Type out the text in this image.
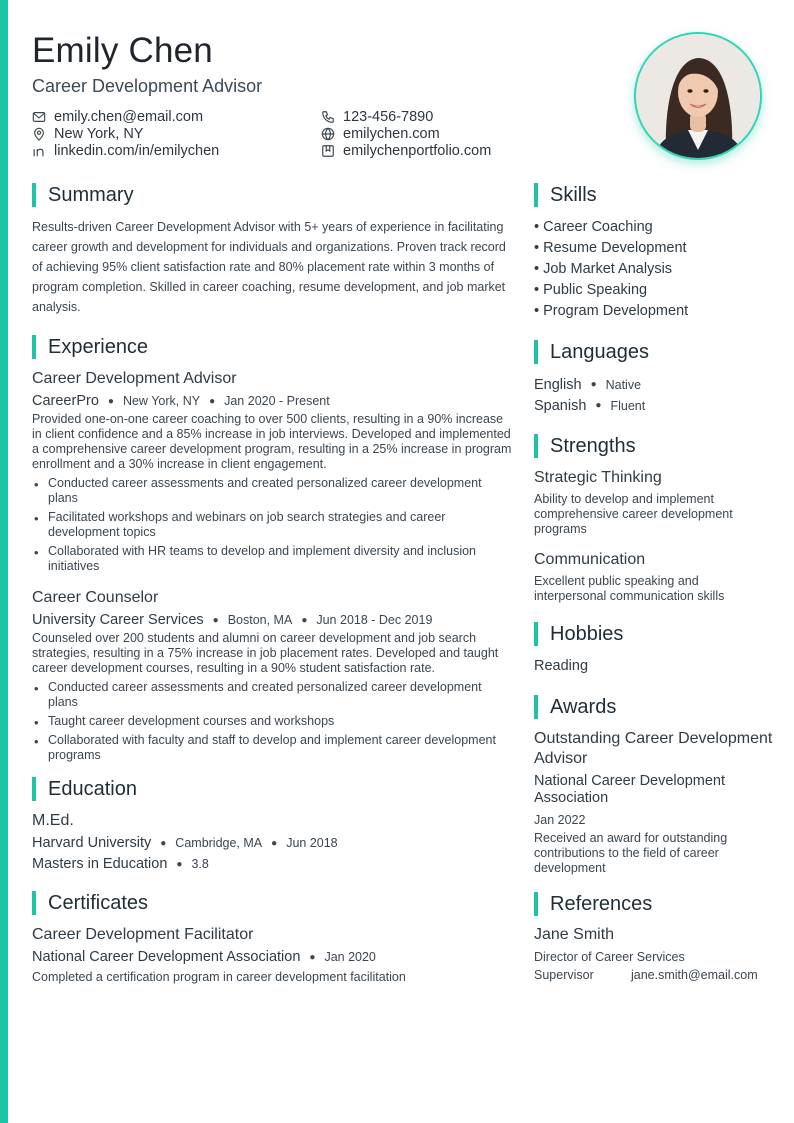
Emily Chen
Career Development Advisor
emily.chen@email.com	123-456-7890
New York, NY	emilychen.com
linkedin.com/in/emilychen	emilychenportfolio.com
Summary
Results-driven Career Development Advisor with 5+ years of experience in facilitating career growth and development for individuals and organizations. Proven track record of achieving 95% client satisfaction rate and 80% placement rate within 3 months of program completion. Skilled in career coaching, resume development, and job market analysis.
Experience
Career Development Advisor
CareerPro ● New York, NY ● Jan 2020 - Present
Provided one-on-one career coaching to over 500 clients, resulting in a 90% increase in client confidence and a 85% increase in job interviews. Developed and implemented a comprehensive career development program, resulting in a 25% increase in program enrollment and a 30% increase in client engagement.
• Conducted career assessments and created personalized career development plans
• Facilitated workshops and webinars on job search strategies and career development topics
• Collaborated with HR teams to develop and implement diversity and inclusion initiatives
Career Counselor
University Career Services ● Boston, MA ● Jun 2018 - Dec 2019
Counseled over 200 students and alumni on career development and job search strategies, resulting in a 75% increase in job placement rates. Developed and taught career development courses, resulting in a 90% student satisfaction rate.
• Conducted career assessments and created personalized career development plans
• Taught career development courses and workshops
• Collaborated with faculty and staff to develop and implement career development programs
Education
M.Ed.
Harvard University ● Cambridge, MA ● Jun 2018
Masters in Education ● 3.8
Certificates
Career Development Facilitator
National Career Development Association ● Jan 2020
Completed a certification program in career development facilitation
Skills
• Career Coaching
• Resume Development
• Job Market Analysis
• Public Speaking
• Program Development
Languages
English ● Native
Spanish ● Fluent
Strengths
Strategic Thinking
Ability to develop and implement comprehensive career development programs
Communication
Excellent public speaking and interpersonal communication skills
Hobbies
Reading
Awards
Outstanding Career Development Advisor
National Career Development Association
Jan 2022
Received an award for outstanding contributions to the field of career development
References
Jane Smith
Director of Career Services
Supervisor	jane.smith@email.com
